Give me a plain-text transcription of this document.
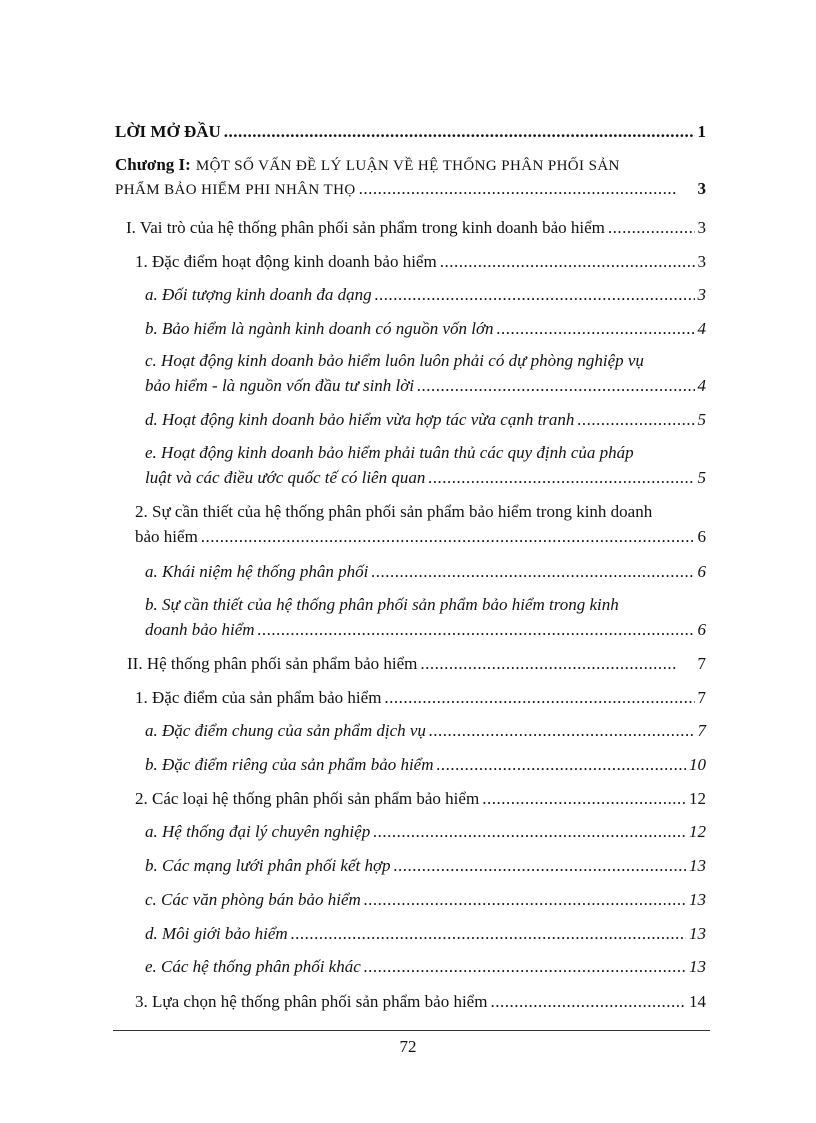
LỜI MỞ ĐẦU .....	1
Chương I: MỘT SỐ VẤN ĐỀ LÝ LUẬN VỀ HỆ THỐNG PHÂN PHỐI SẢN
PHẨM BẢO HIỂM PHI NHÂN THỌ .....	3
I. Vai trò của hệ thống phân phối sản phẩm trong kinh doanh bảo hiểm .....	3
1. Đặc điểm hoạt động kinh doanh bảo hiểm .....	3
a. Đối tượng kinh doanh đa dạng .....	3
b. Bảo hiểm là ngành kinh doanh có nguồn vốn lớn .....	4
c. Hoạt động kinh doanh bảo hiểm luôn luôn phải có dự phòng nghiệp vụ
bảo hiểm - là nguồn vốn đầu tư sinh lời .....	4
d. Hoạt động kinh doanh bảo hiểm vừa hợp tác vừa cạnh tranh .....	5
e. Hoạt động kinh doanh bảo hiểm phải tuân thủ các quy định của pháp
luật và các điều ước quốc tế có liên quan .....	5
2. Sự cần thiết của hệ thống phân phối sản phẩm bảo hiểm trong kinh doanh
bảo hiểm .....	6
a. Khái niệm hệ thống phân phối .....	6
b. Sự cần thiết của hệ thống phân phối sản phẩm bảo hiểm trong kinh
doanh bảo hiểm .....	6
II. Hệ thống phân phối sản phẩm bảo hiểm .....	7
1. Đặc điểm của sản phẩm bảo hiểm .....	7
a. Đặc điểm chung của sản phẩm dịch vụ .....	7
b. Đặc điểm riêng của sản phẩm bảo hiểm .....	10
2. Các loại hệ thống phân phối sản phẩm bảo hiểm .....	12
a. Hệ thống đại lý chuyên nghiệp .....	12
b. Các mạng lưới phân phối kết hợp .....	13
c. Các văn phòng bán bảo hiểm .....	13
d. Môi giới bảo hiểm .....	13
e. Các hệ thống phân phối khác .....	13
3. Lựa chọn hệ thống phân phối sản phẩm bảo hiểm .....	14
72
